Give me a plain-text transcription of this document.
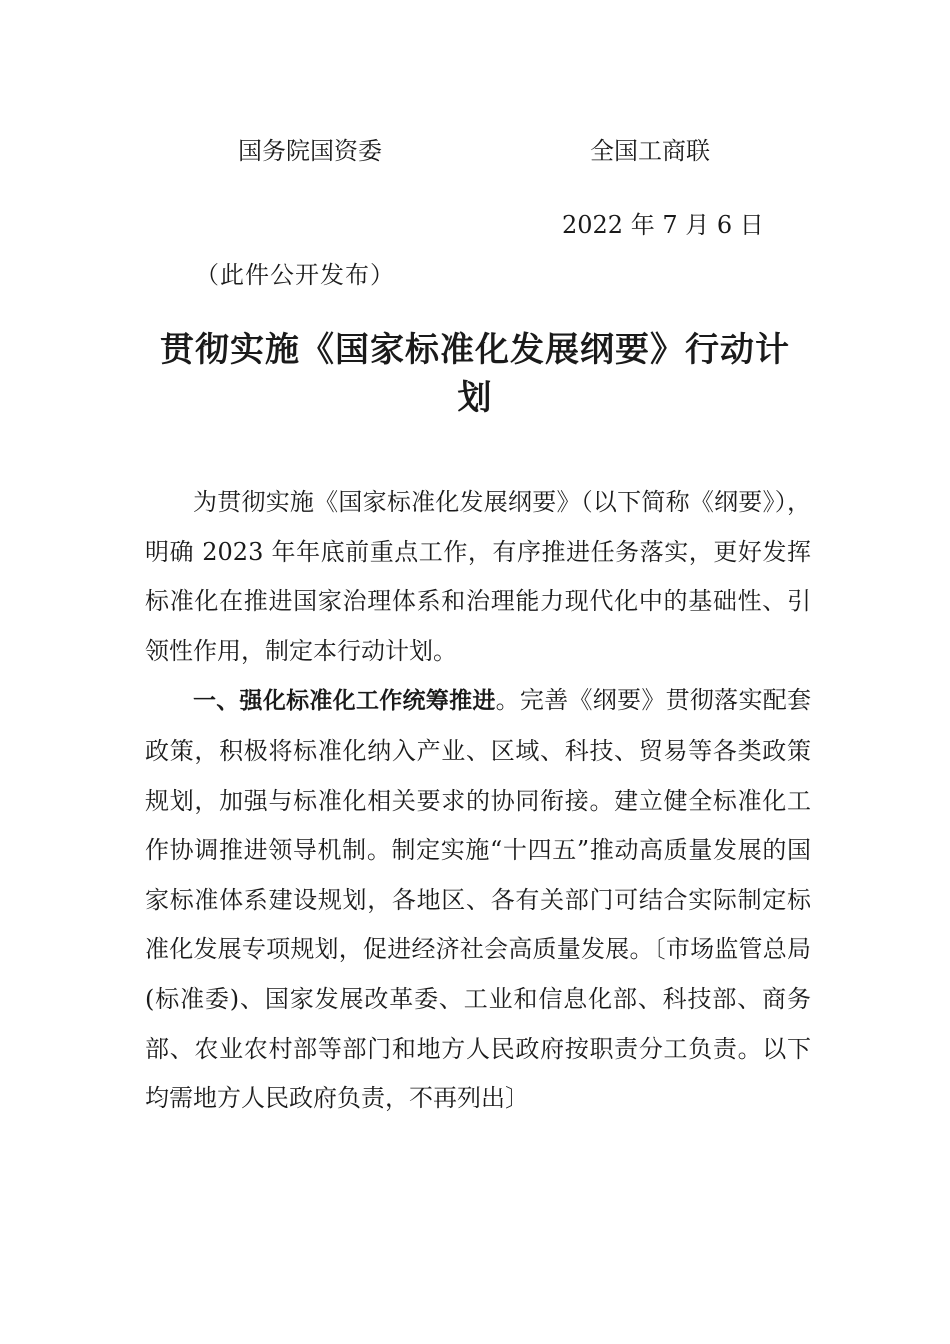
国务院国资委	全国工商联
2022 年 7 月 6 日
（此件公开发布）
贯彻实施《国家标准化发展纲要》行动计划

为贯彻实施《国家标准化发展纲要》（以下简称《纲要》），明确 2023 年年底前重点工作，有序推进任务落实，更好发挥标准化在推进国家治理体系和治理能力现代化中的基础性、引领性作用，制定本行动计划。

一、强化标准化工作统筹推进。完善《纲要》贯彻落实配套政策，积极将标准化纳入产业、区域、科技、贸易等各类政策规划，加强与标准化相关要求的协同衔接。建立健全标准化工作协调推进领导机制。制定实施“十四五”推动高质量发展的国家标准体系建设规划，各地区、各有关部门可结合实际制定标准化发展专项规划，促进经济社会高质量发展。〔市场监管总局(标准委)、国家发展改革委、工业和信息化部、科技部、商务部、农业农村部等部门和地方人民政府按职责分工负责。以下均需地方人民政府负责，不再列出〕
